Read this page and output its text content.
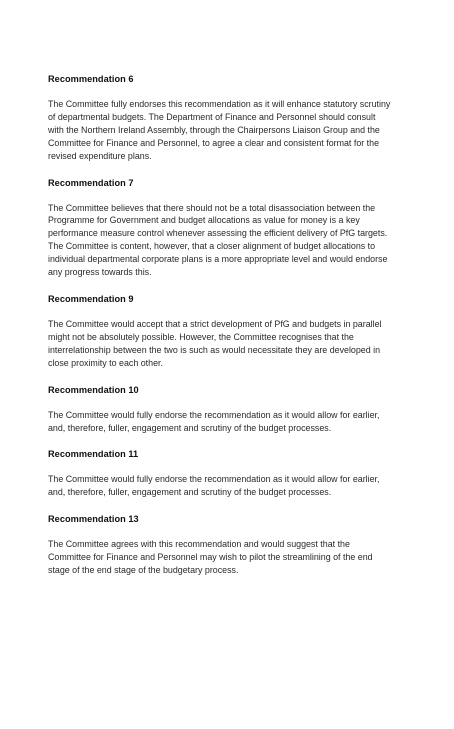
Recommendation 6

The Committee fully endorses this recommendation as it will enhance statutory scrutiny
of departmental budgets. The Department of Finance and Personnel should consult
with the Northern Ireland Assembly, through the Chairpersons Liaison Group and the
Committee for Finance and Personnel, to agree a clear and consistent format for the
revised expenditure plans.

Recommendation 7

The Committee believes that there should not be a total disassociation between the
Programme for Government and budget allocations as value for money is a key
performance measure control whenever assessing the efficient delivery of PfG targets.
The Committee is content, however, that a closer alignment of budget allocations to
individual departmental corporate plans is a more appropriate level and would endorse
any progress towards this.

Recommendation 9

The Committee would accept that a strict development of PfG and budgets in parallel
might not be absolutely possible. However, the Committee recognises that the
interrelationship between the two is such as would necessitate they are developed in
close proximity to each other.

Recommendation 10

The Committee would fully endorse the recommendation as it would allow for earlier,
and, therefore, fuller, engagement and scrutiny of the budget processes.

Recommendation 11

The Committee would fully endorse the recommendation as it would allow for earlier,
and, therefore, fuller, engagement and scrutiny of the budget processes.

Recommendation 13

The Committee agrees with this recommendation and would suggest that the
Committee for Finance and Personnel may wish to pilot the streamlining of the end
stage of the end stage of the budgetary process.
